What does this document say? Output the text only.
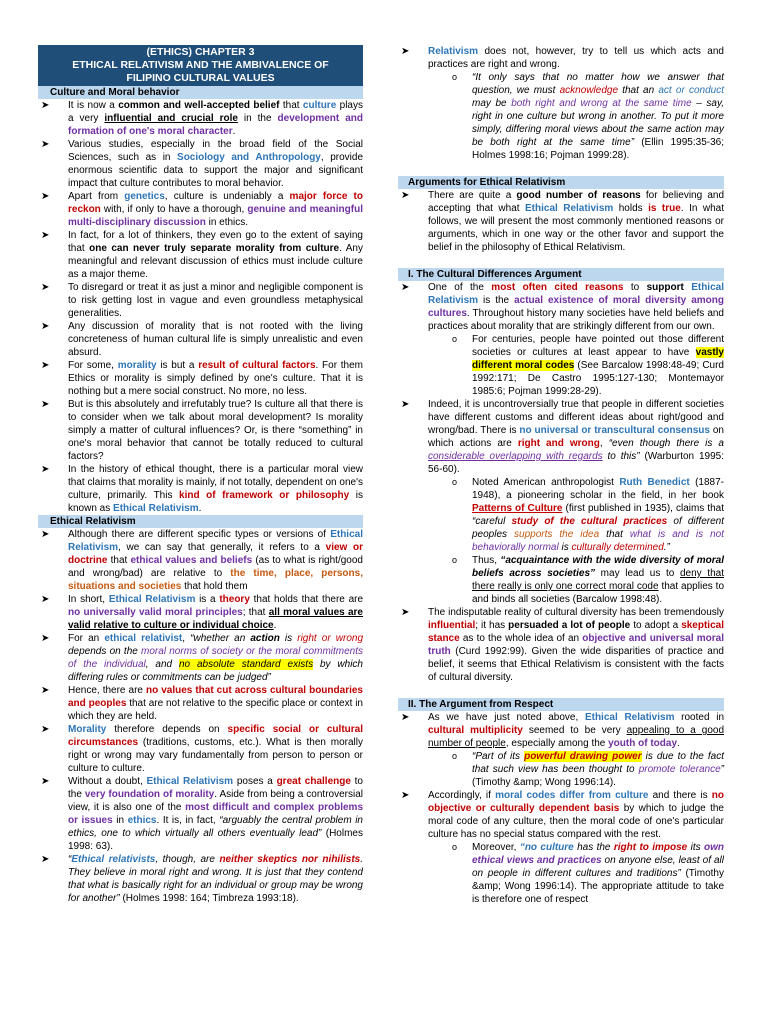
(ETHICS) CHAPTER 3
ETHICAL RELATIVISM AND THE AMBIVALENCE OF
FILIPINO CULTURAL VALUES
Culture and Moral behavior
➤ It is now a common and well-accepted belief that culture plays a very influential and crucial role in the development and formation of one's moral character.
➤ Various studies, especially in the broad field of the Social Sciences, such as in Sociology and Anthropology, provide enormous scientific data to support the major and significant impact that culture contributes to moral behavior.
➤ Apart from genetics, culture is undeniably a major force to reckon with, if only to have a thorough, genuine and meaningful multi-disciplinary discussion in ethics.
➤ In fact, for a lot of thinkers, they even go to the extent of saying that one can never truly separate morality from culture. Any meaningful and relevant discussion of ethics must include culture as a major theme.
➤ To disregard or treat it as just a minor and negligible component is to risk getting lost in vague and even groundless metaphysical generalities.
➤ Any discussion of morality that is not rooted with the living concreteness of human cultural life is simply unrealistic and even absurd.
➤ For some, morality is but a result of cultural factors. For them Ethics or morality is simply defined by one's culture. That it is nothing but a mere social construct. No more, no less.
➤ But is this absolutely and irrefutably true? Is culture all that there is to consider when we talk about moral development? Is morality simply a matter of cultural influences? Or, is there “something” in one's moral behavior that cannot be totally reduced to cultural factors?
➤ In the history of ethical thought, there is a particular moral view that claims that morality is mainly, if not totally, dependent on one's culture, primarily. This kind of framework or philosophy is known as Ethical Relativism.
Ethical Relativism
➤ Although there are different specific types or versions of Ethical Relativism, we can say that generally, it refers to a view or doctrine that ethical values and beliefs (as to what is right/good and wrong/bad) are relative to the time, place, persons, situations and societies that hold them
➤ In short, Ethical Relativism is a theory that holds that there are no universally valid moral principles; that all moral values are valid relative to culture or individual choice.
➤ For an ethical relativist, “whether an action is right or wrong depends on the moral norms of society or the moral commitments of the individual, and no absolute standard exists by which differing rules or commitments can be judged”
➤ Hence, there are no values that cut across cultural boundaries and peoples that are not relative to the specific place or context in which they are held.
➤ Morality therefore depends on specific social or cultural circumstances (traditions, customs, etc.). What is then morally right or wrong may vary fundamentally from person to person or culture to culture.
➤ Without a doubt, Ethical Relativism poses a great challenge to the very foundation of morality. Aside from being a controversial view, it is also one of the most difficult and complex problems or issues in ethics. It is, in fact, “arguably the central problem in ethics, one to which virtually all others eventually lead” (Holmes 1998: 63).
➤ “Ethical relativists, though, are neither skeptics nor nihilists. They believe in moral right and wrong. It is just that they contend that what is basically right for an individual or group may be wrong for another” (Holmes 1998: 164; Timbreza 1993:18).
➤ Relativism does not, however, try to tell us which acts and practices are right and wrong.
o “It only says that no matter how we answer that question, we must acknowledge that an act or conduct may be both right and wrong at the same time – say, right in one culture but wrong in another. To put it more simply, differing moral views about the same action may be both right at the same time” (Ellin 1995:35-36; Holmes 1998:16; Pojman 1999:28).
Arguments for Ethical Relativism
➤ There are quite a good number of reasons for believing and accepting that what Ethical Relativism holds is true. In what follows, we will present the most commonly mentioned reasons or arguments, which in one way or the other favor and support the belief in the philosophy of Ethical Relativism.
I. The Cultural Differences Argument
➤ One of the most often cited reasons to support Ethical Relativism is the actual existence of moral diversity among cultures. Throughout history many societies have held beliefs and practices about morality that are strikingly different from our own.
o For centuries, people have pointed out those different societies or cultures at least appear to have vastly different moral codes (See Barcalow 1998:48-49; Curd 1992:171; De Castro 1995:127-130; Montemayor 1985:6; Pojman 1999:28-29).
➤ Indeed, it is uncontroversially true that people in different societies have different customs and different ideas about right/good and wrong/bad. There is no universal or transcultural consensus on which actions are right and wrong, “even though there is a considerable overlapping with regards to this” (Warburton 1995: 56-60).
o Noted American anthropologist Ruth Benedict (1887-1948), a pioneering scholar in the field, in her book Patterns of Culture (first published in 1935), claims that “careful study of the cultural practices of different peoples supports the idea that what is and is not behaviorally normal is culturally determined.”
o Thus, “acquaintance with the wide diversity of moral beliefs across societies” may lead us to deny that there really is only one correct moral code that applies to and binds all societies (Barcalow 1998:48).
➤ The indisputable reality of cultural diversity has been tremendously influential; it has persuaded a lot of people to adopt a skeptical stance as to the whole idea of an objective and universal moral truth (Curd 1992:99). Given the wide disparities of practice and belief, it seems that Ethical Relativism is consistent with the facts of cultural diversity.
II. The Argument from Respect
➤ As we have just noted above, Ethical Relativism rooted in cultural multiplicity seemed to be very appealing to a good number of people, especially among the youth of today.
o “Part of its powerful drawing power is due to the fact that such view has been thought to promote tolerance” (Timothy &amp; Wong 1996:14).
➤ Accordingly, if moral codes differ from culture and there is no objective or culturally dependent basis by which to judge the moral code of any culture, then the moral code of one's particular culture has no special status compared with the rest.
o Moreover, “no culture has the right to impose its own ethical views and practices on anyone else, least of all on people in different cultures and traditions” (Timothy &amp; Wong 1996:14). The appropriate attitude to take is therefore one of respect
